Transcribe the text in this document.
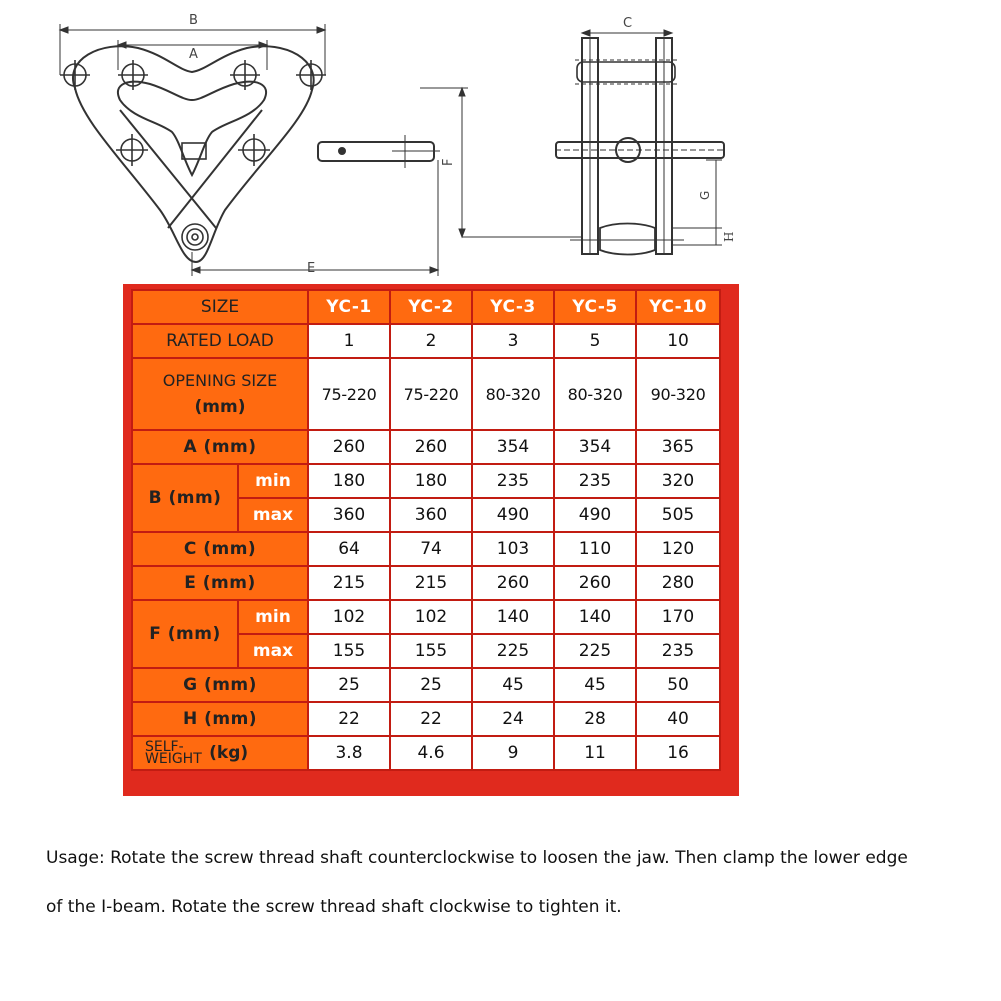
B
A
E
F
C
G
H
SIZE		YC-1	YC-2	YC-3	YC-5	YC-10
RATED LOAD		1	2	3	5	10

OPENING SIZE
(mm)		75-220	75-220	80-320	80-320	90-320
A (mm)		260	260	354	354	365
B (mm)	min	180	180	235	235	320
	max	360	360	490	490	505
C (mm)		64	74	103	110	120
E (mm)		215	215	260	260	280
F (mm)	min	102	102	140	140	170
	max	155	155	225	225	235
G (mm)		25	25	45	45	50
H (mm)		22	22	24	28	40

SELF-
WEIGHT (kg)		3.8	4.6	9	11	16
Usage: Rotate the screw thread shaft counterclockwise to loosen the jaw. Then clamp the lower edge
of the I-beam. Rotate the screw thread shaft clockwise to tighten it.
